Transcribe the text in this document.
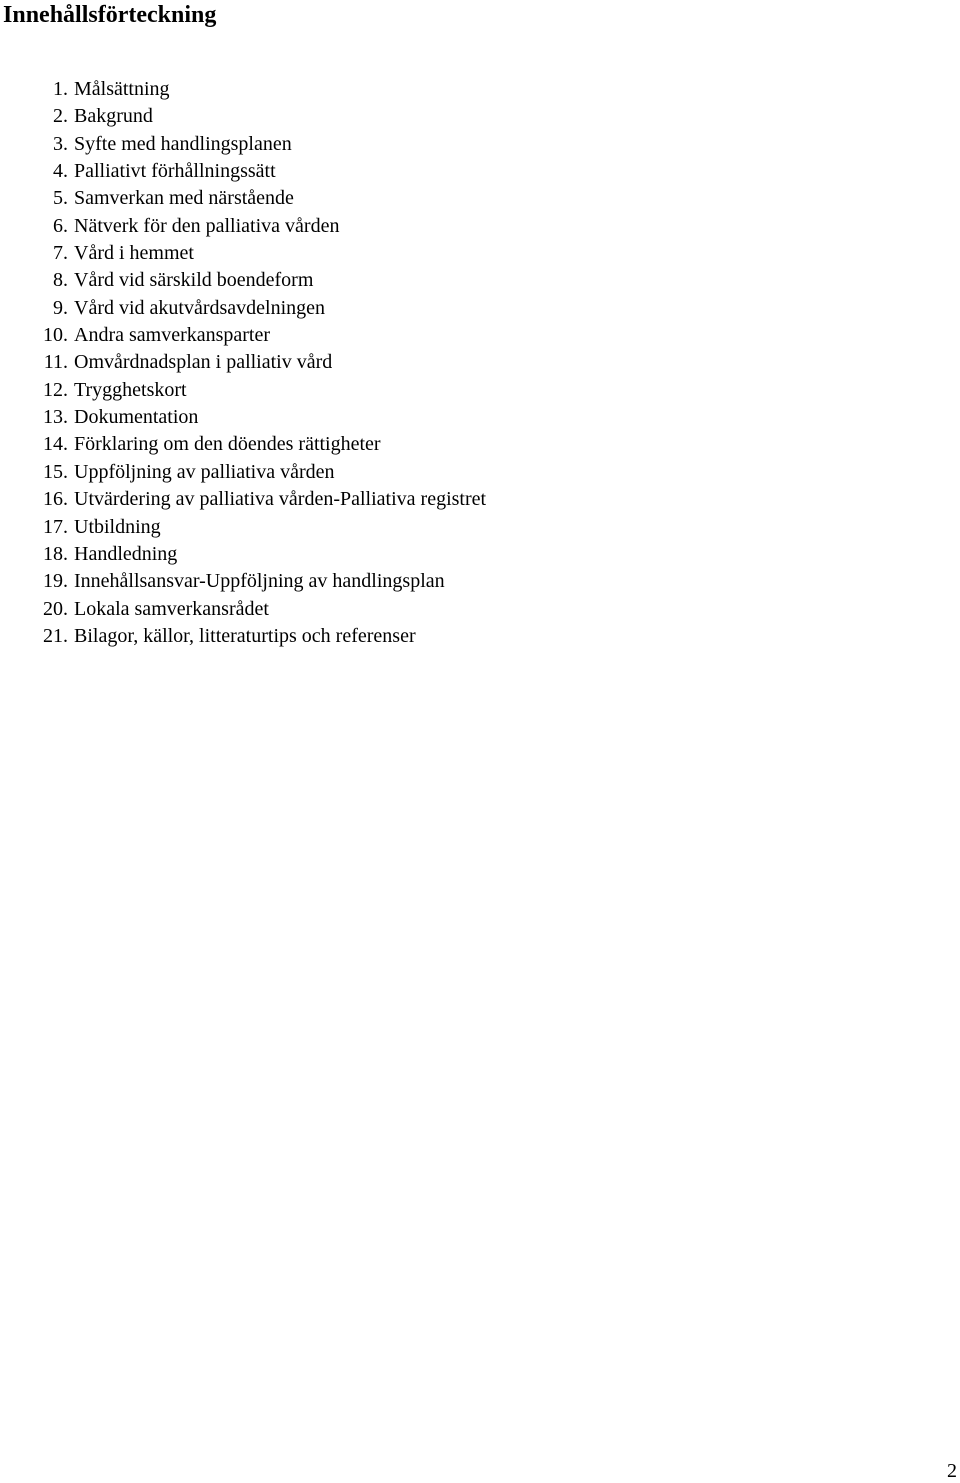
Innehållsförteckning
1. Målsättning
2. Bakgrund
3. Syfte med handlingsplanen
4. Palliativt förhållningssätt
5. Samverkan med närstående
6. Nätverk för den palliativa vården
7. Vård i hemmet
8. Vård vid särskild boendeform
9. Vård vid akutvårdsavdelningen
10. Andra samverkansparter
11. Omvårdnadsplan i palliativ vård
12. Trygghetskort
13. Dokumentation
14. Förklaring om den döendes rättigheter
15. Uppföljning av palliativa vården
16. Utvärdering av palliativa vården-Palliativa registret
17. Utbildning
18. Handledning
19. Innehållsansvar-Uppföljning av handlingsplan
20. Lokala samverkansrådet
21. Bilagor, källor, litteraturtips och referenser
2
